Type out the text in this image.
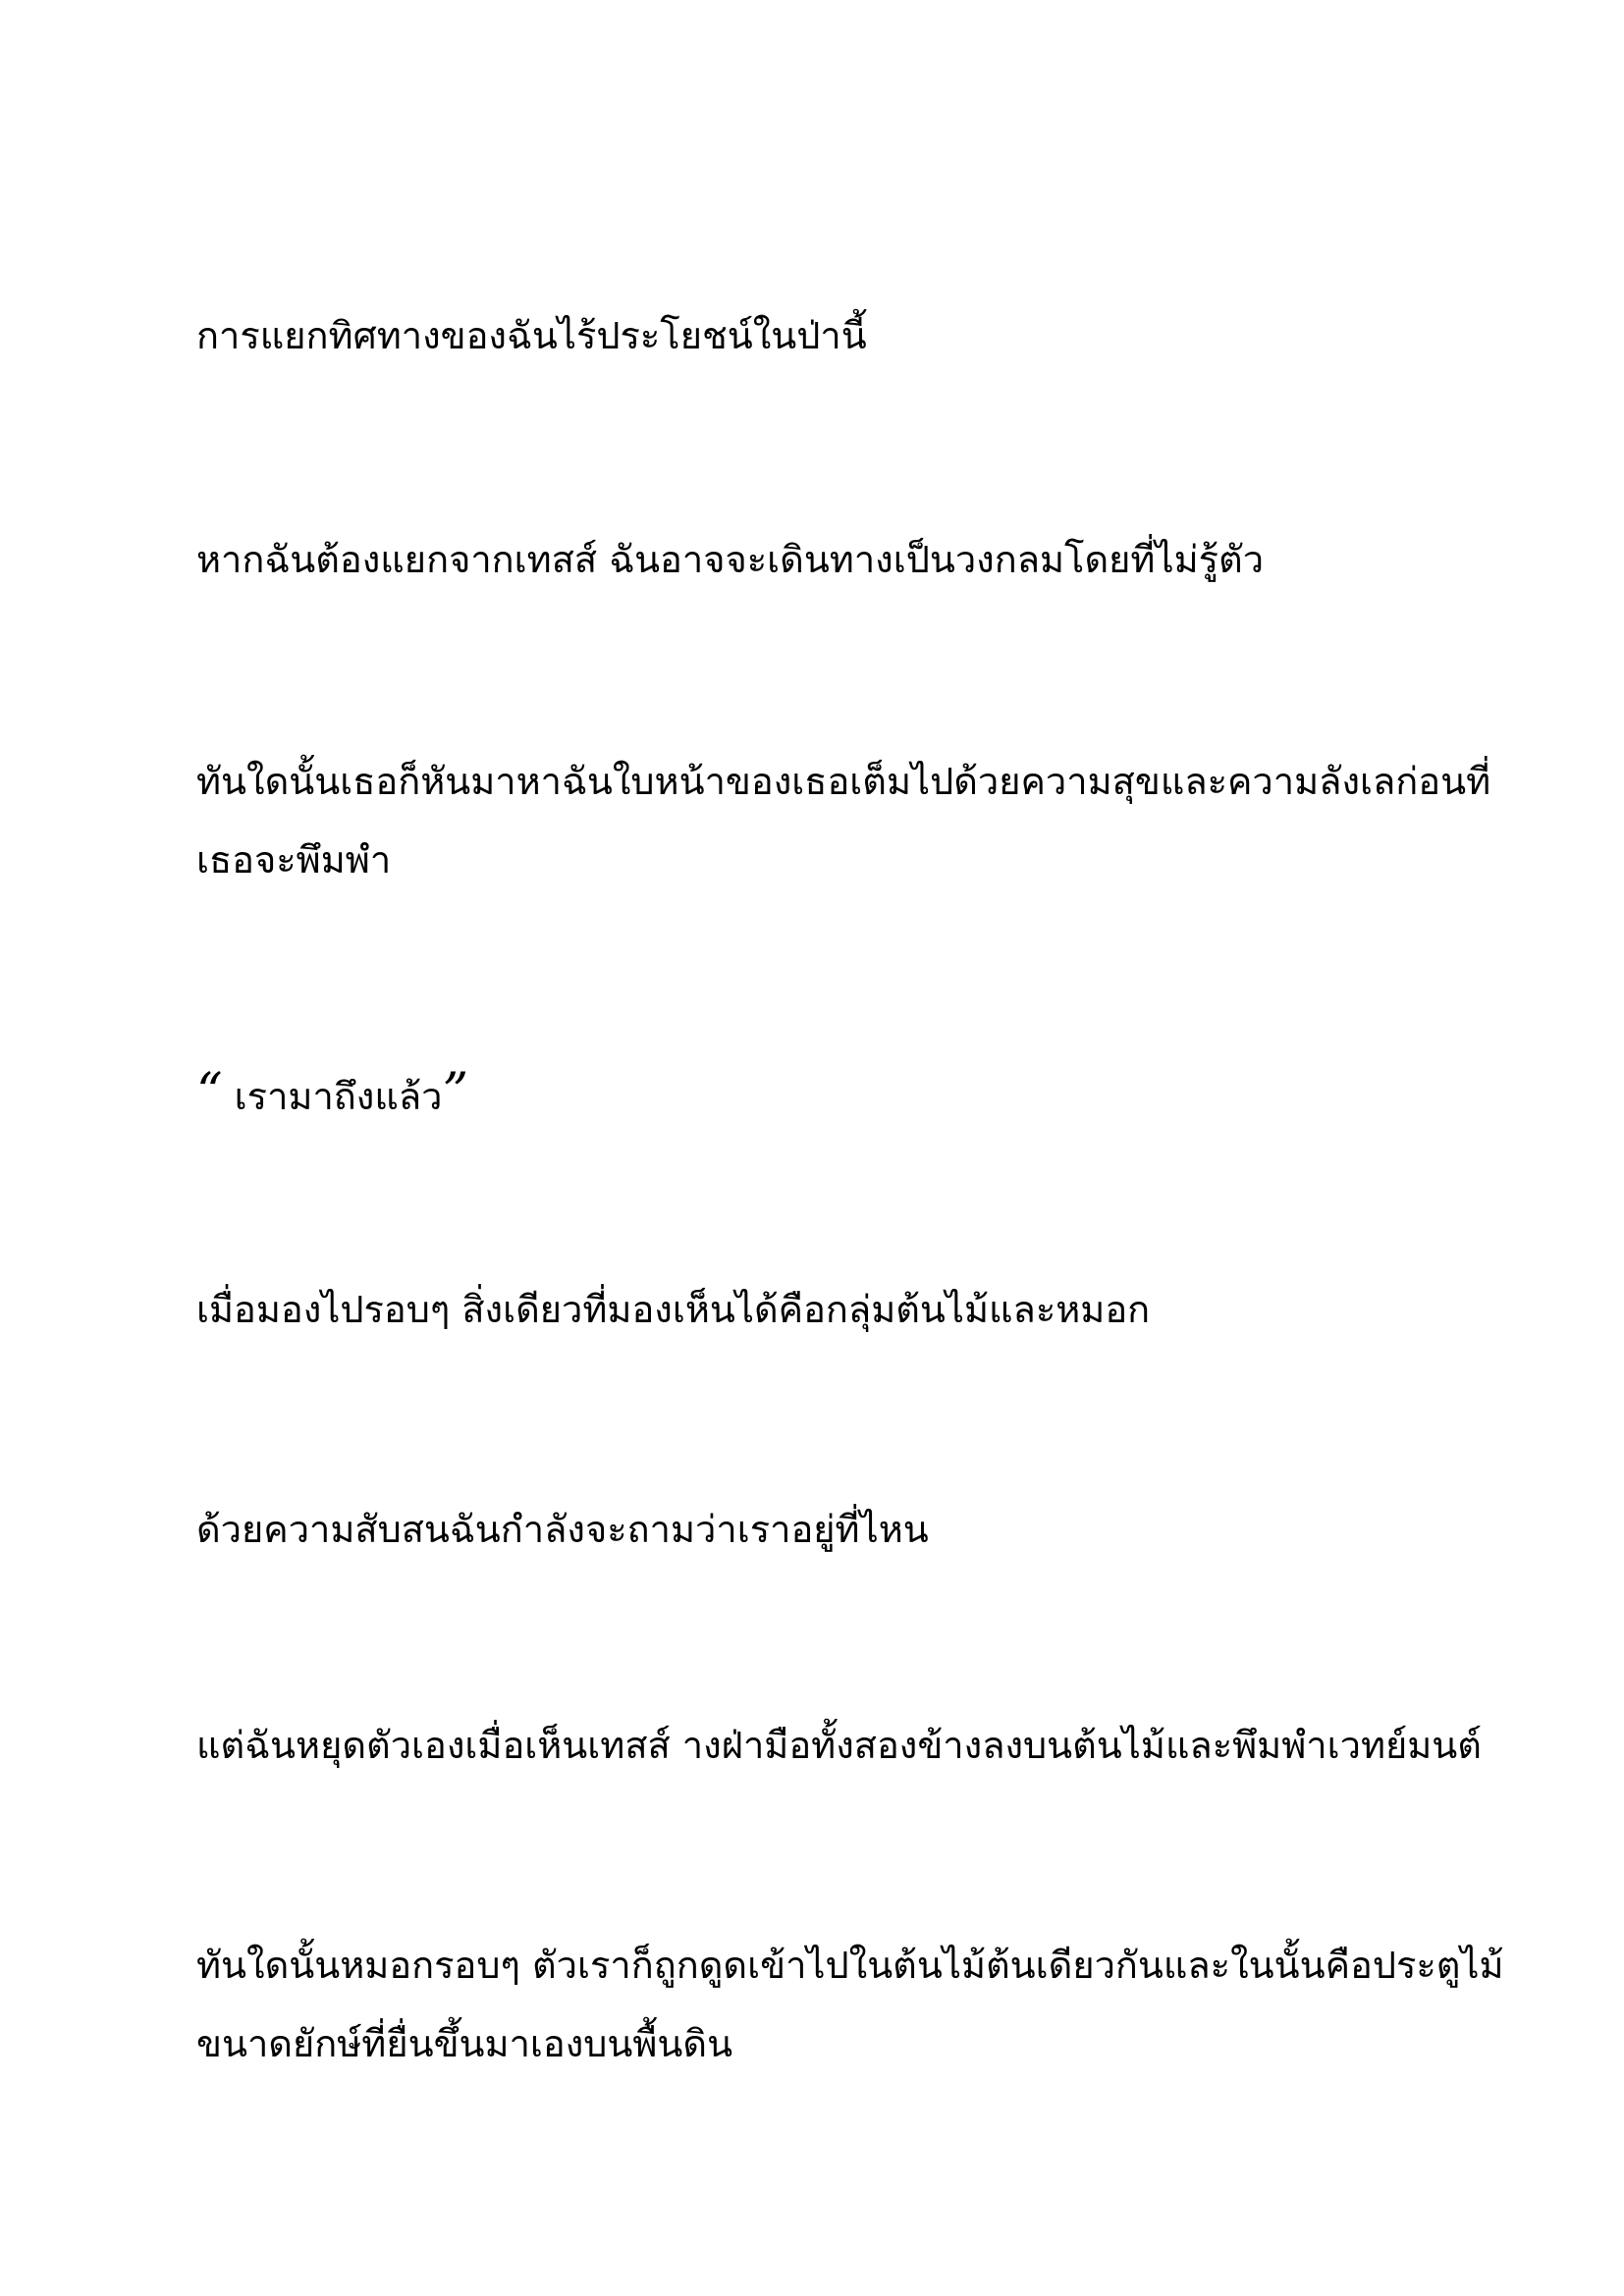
การแยกทิศทางของฉันไร้ประโยชน์ในป่านี้

หากฉันต้องแยกจากเทสส์ ฉันอาจจะเดินทางเป็นวงกลมโดยที่ไม่รู้ตัว

ทันใดนั้นเธอก็หันมาหาฉันใบหน้าของเธอเต็มไปด้วยความสุขและความลังเลก่อนที่
เธอจะพึมพำ

“ เรามาถึงแล้ว”

เมื่อมองไปรอบๆ สิ่งเดียวที่มองเห็นได้คือกลุ่มต้นไม้และหมอก

ด้วยความสับสนฉันกำลังจะถามว่าเราอยู่ที่ไหน

แต่ฉันหยุดตัวเองเมื่อเห็นเทสส์ างฝ่ามือทั้งสองข้างลงบนต้นไม้และพึมพำเวทย์มนต์

ทันใดนั้นหมอกรอบๆ ตัวเราก็ถูกดูดเข้าไปในต้นไม้ต้นเดียวกันและในนั้นคือประตูไม้
ขนาดยักษ์ที่ยื่นขึ้นมาเองบนพื้นดิน
